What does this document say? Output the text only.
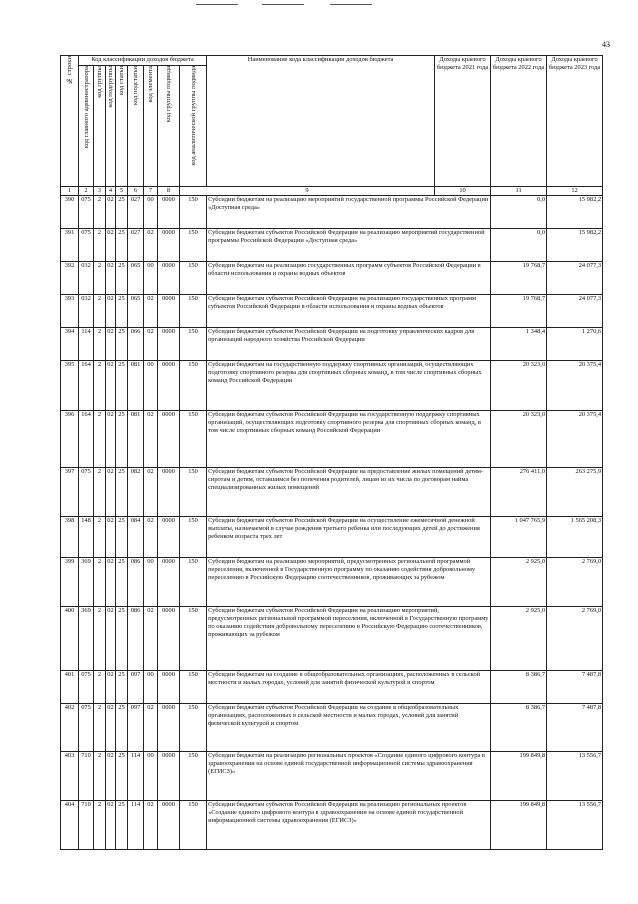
43
№ строки	Код классификации доходов бюджета								Наименование кода классификации доходов бюджета	Доходы краевого бюджета 2021 года	Доходы краевого бюджета 2022 года	Доходы краевого бюджета 2023 года	

	код главного администратора	код группы	код подгруппы	код статьи	код подстатьи	код элемента	код группы подвида	код аналитической группы подвида					

1	2	3	4	5	6	7	8	9		10	11	12	
390	075	2	02	25	027	00	0000	150	Субсидии бюджетам на реализацию мероприятий государственной программы Российской Федерации «Доступная среда»		0,0	15 982,2	
391	075	2	02	25	027	02	0000	150	Субсидии бюджетам субъектов Российской Федерации на реализацию мероприятий государственной программы Российской Федерации «Доступная среда»		0,0	15 982,2	
392	032	2	02	25	065	00	0000	150	Субсидии бюджетам на реализацию государственных программ субъектов Российской Федерации в области использования и охраны водных объектов		19 768,7	24 077,3	
393	032	2	02	25	065	02	0000	150	Субсидии бюджетам субъектов Российской Федерации на реализацию государственных программ субъектов Российской Федерации в области использования и охраны водных объектов		19 768,7	24 077,3	
394	114	2	02	25	066	02	0000	150	Субсидии бюджетам субъектов Российской Федерации на подготовку управленческих кадров для организаций народного хозяйства Российской Федерации		1 348,4	1 270,6	
395	164	2	02	25	081	00	0000	150	Субсидии бюджетам на государственную поддержку спортивных организаций, осуществляющих подготовку спортивного резерва для спортивных сборных команд, в том числе спортивных сборных команд Российской Федерации		20 323,0	20 375,4	
396	164	2	02	25	081	02	0000	150	Субсидии бюджетам субъектов Российской Федерации на государственную поддержку спортивных организаций, осуществляющих подготовку спортивного резерва для спортивных сборных команд, в том числе спортивных сборных команд Российской Федерации		20 323,0	20 375,4	
397	075	2	02	25	082	02	0000	150	Субсидии бюджетам субъектов Российской Федерации на предоставление жилых помещений детям-сиротам и детям, оставшимся без попечения родителей, лицам из их числа по договорам найма специализированных жилых помещений		276 411,0	263 275,9	
398	148	2	02	25	084	02	0000	150	Субсидии бюджетам субъектов Российской Федерации на осуществление ежемесячной денежной выплаты, назначаемой в случае рождения третьего ребенка или последующих детей до достижения ребенком возраста трех лет		1 047 765,9	1 565 208,3	
399	369	2	02	25	086	00	0000	150	Субсидии бюджетам на реализацию мероприятий, предусмотренных региональной программой переселения, включенной в Государственную программу по оказанию содействия добровольному переселению в Российскую Федерацию соотечественников, проживающих за рубежом		2 925,0	2 769,0	
400	369	2	02	25	086	02	0000	150	Субсидии бюджетам субъектов Российской Федерации на реализацию мероприятий, предусмотренных региональной программой переселения, включенной в Государственную программу по оказанию содействия добровольному переселению в Российскую Федерацию соотечественников, проживающих за рубежом		2 925,0	2 769,0	
401	075	2	02	25	097	00	0000	150	Субсидии бюджетам на создание в общеобразовательных организациях, расположенных в сельской местности и малых городах, условий для занятий физической культурой и спортом		8 386,7	7 487,8	
402	075	2	02	25	097	02	0000	150	Субсидии бюджетам субъектов Российской Федерации на создание в общеобразовательных организациях, расположенных в сельской местности и малых городах, условий для занятий физической культурой и спортом		8 386,7	7 487,8	
403	710	2	02	25	114	00	0000	150	Субсидии бюджетам на реализацию региональных проектов «Создание единого цифрового контура в здравоохранении на основе единой государственной информационной системы здравоохранения (ЕГИСЗ)»		199 849,8	13 556,7	
404	710	2	02	25	114	02	0000	150	Субсидии бюджетам субъектов Российской Федерации на реализацию региональных проектов «Создание единого цифрового контура в здравоохранении на основе единой государственной информационной системы здравоохранения (ЕГИСЗ)»		199 849,8	13 556,7	
